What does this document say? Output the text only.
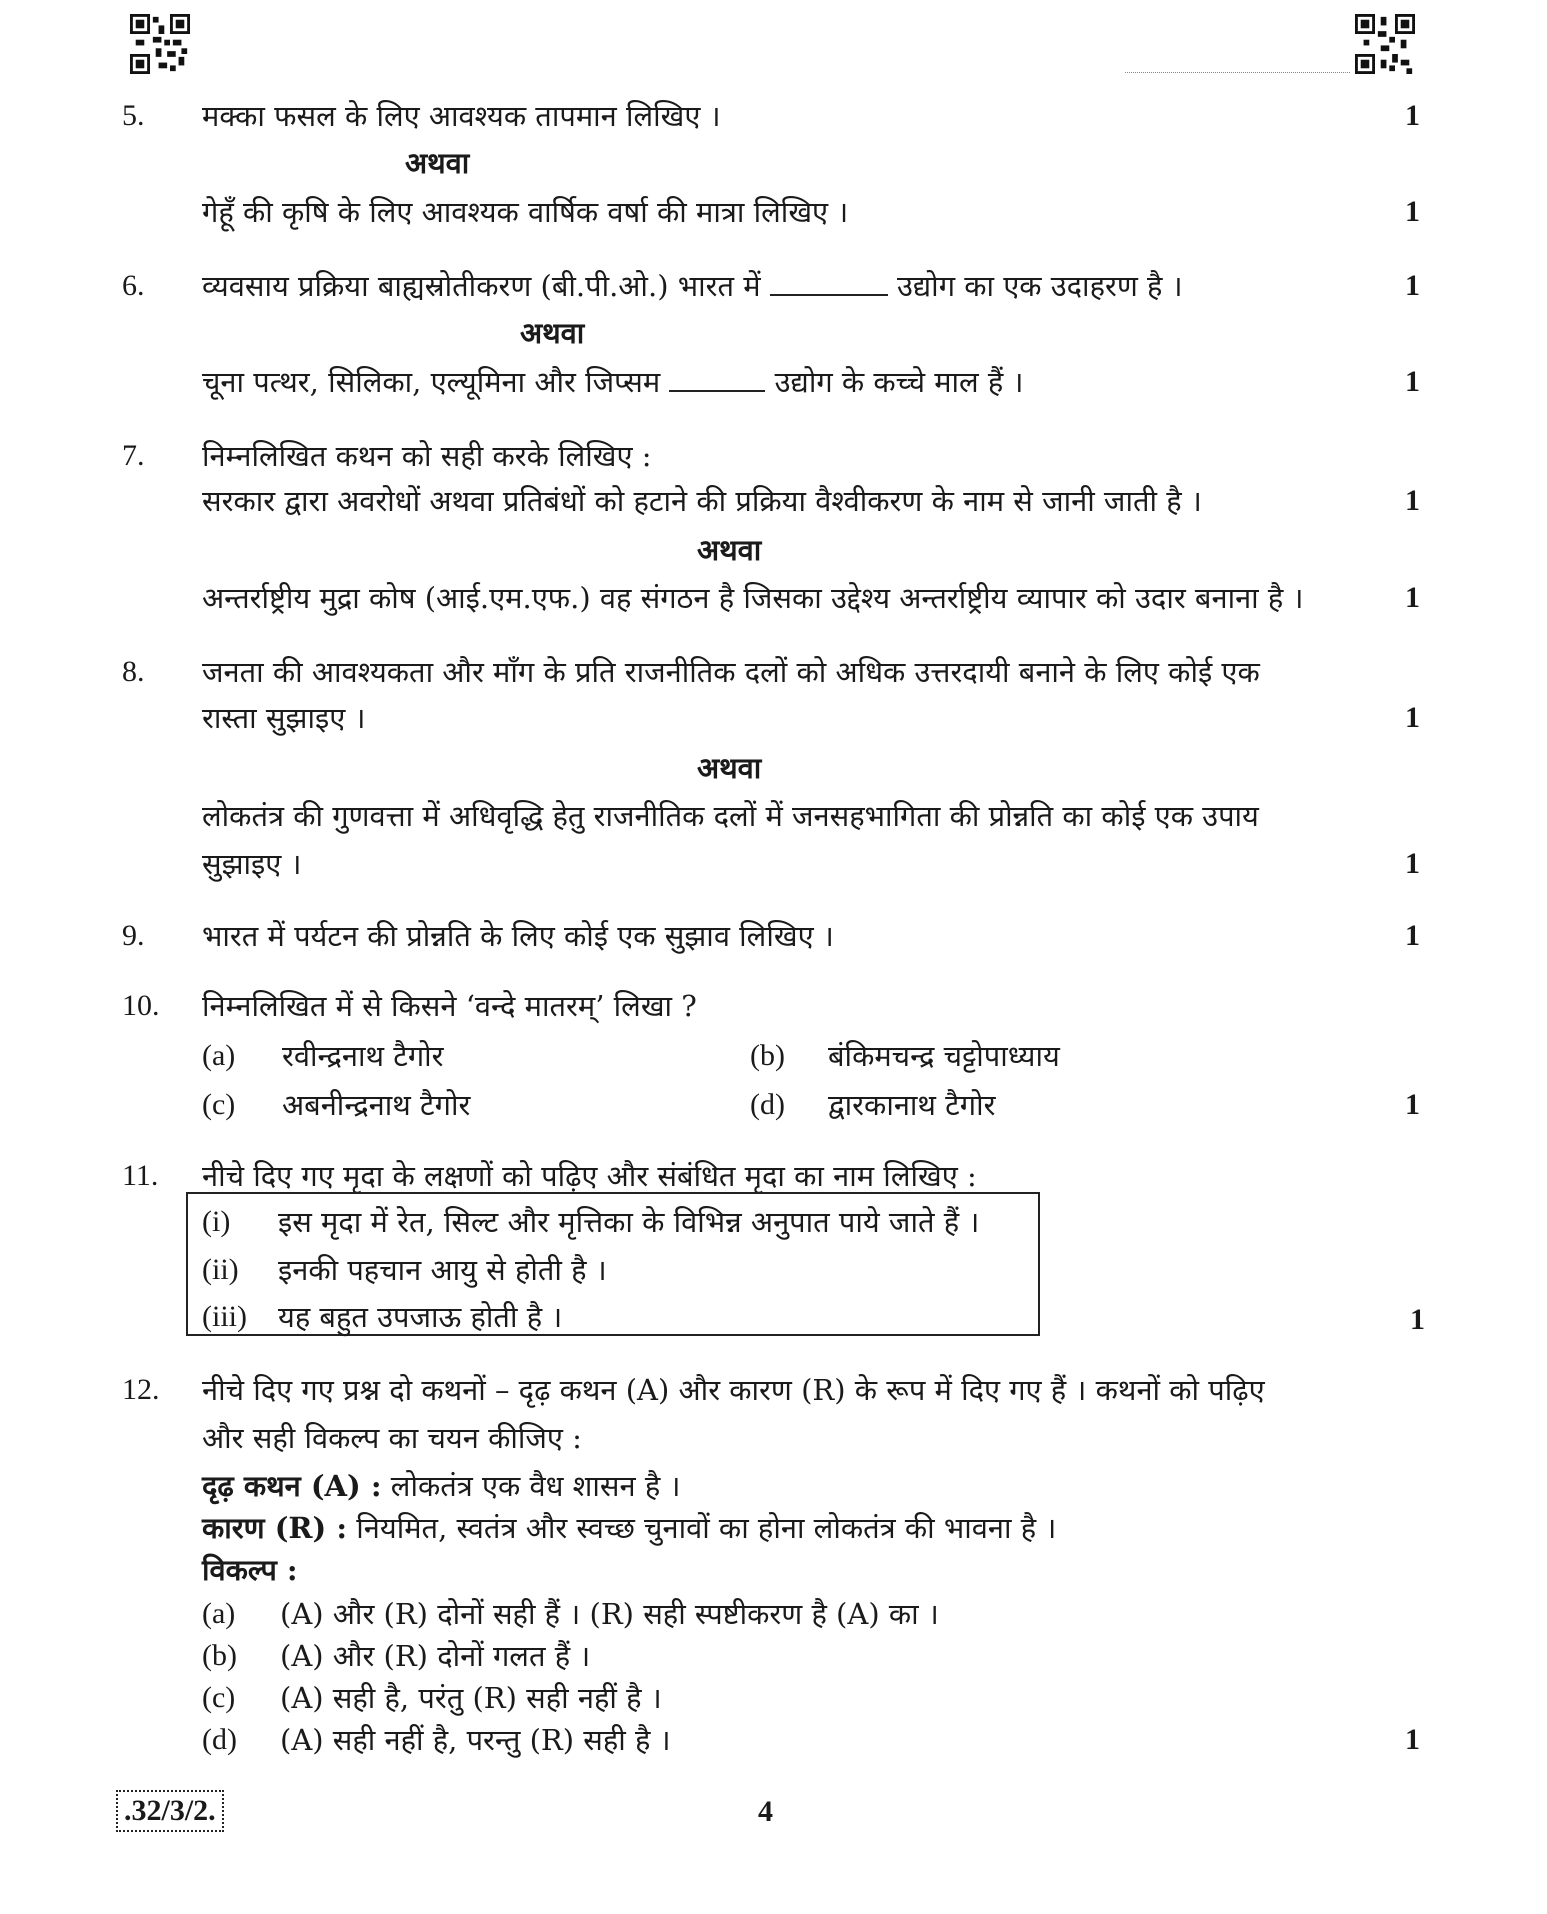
5. मक्का फसल के लिए आवश्यक तापमान लिखिए ।	1
अथवा
गेहूँ की कृषि के लिए आवश्यक वार्षिक वर्षा की मात्रा लिखिए ।	1
6. व्यवसाय प्रक्रिया बाह्यस्रोतीकरण (बी.पी.ओ.) भारत में	उद्योग का एक उदाहरण है ।	1
अथवा
चूना पत्थर, सिलिका, एल्यूमिना और जिप्सम	उद्योग के कच्चे माल हैं ।	1
7. निम्नलिखित कथन को सही करके लिखिए :
सरकार द्वारा अवरोधों अथवा प्रतिबंधों को हटाने की प्रक्रिया वैश्वीकरण के नाम से जानी जाती है ।	1
अथवा
अन्तर्राष्ट्रीय मुद्रा कोष (आई.एम.एफ.) वह संगठन है जिसका उद्देश्य अन्तर्राष्ट्रीय व्यापार को उदार बनाना है ।	1
8. जनता की आवश्यकता और माँग के प्रति राजनीतिक दलों को अधिक उत्तरदायी बनाने के लिए कोई एक
रास्ता सुझाइए ।	1
अथवा
लोकतंत्र की गुणवत्ता में अधिवृद्धि हेतु राजनीतिक दलों में जनसहभागिता की प्रोन्नति का कोई एक उपाय
सुझाइए ।	1
9. भारत में पर्यटन की प्रोन्नति के लिए कोई एक सुझाव लिखिए ।	1
10. निम्नलिखित में से किसने ‘वन्दे मातरम्’ लिखा ?
(a) रवीन्द्रनाथ टैगोर	(b) बंकिमचन्द्र चट्टोपाध्याय
(c) अबनीन्द्रनाथ टैगोर	(d) द्वारकानाथ टैगोर	1
11. नीचे दिए गए मृदा के लक्षणों को पढ़िए और संबंधित मृदा का नाम लिखिए :
(i) इस मृदा में रेत, सिल्ट और मृत्तिका के विभिन्न अनुपात पाये जाते हैं ।
(ii) इनकी पहचान आयु से होती है ।
(iii) यह बहुत उपजाऊ होती है ।	1
12. नीचे दिए गए प्रश्न दो कथनों – दृढ़ कथन (A) और कारण (R) के रूप में दिए गए हैं । कथनों को पढ़िए
और सही विकल्प का चयन कीजिए :
दृढ़ कथन (A) : लोकतंत्र एक वैध शासन है ।
कारण (R) : नियमित, स्वतंत्र और स्वच्छ चुनावों का होना लोकतंत्र की भावना है ।
विकल्प :
(a) (A) और (R) दोनों सही हैं । (R) सही स्पष्टीकरण है (A) का ।
(b) (A) और (R) दोनों गलत हैं ।
(c) (A) सही है, परंतु (R) सही नहीं है ।
(d) (A) सही नहीं है, परन्तु (R) सही है ।	1
.32/3/2.	4
